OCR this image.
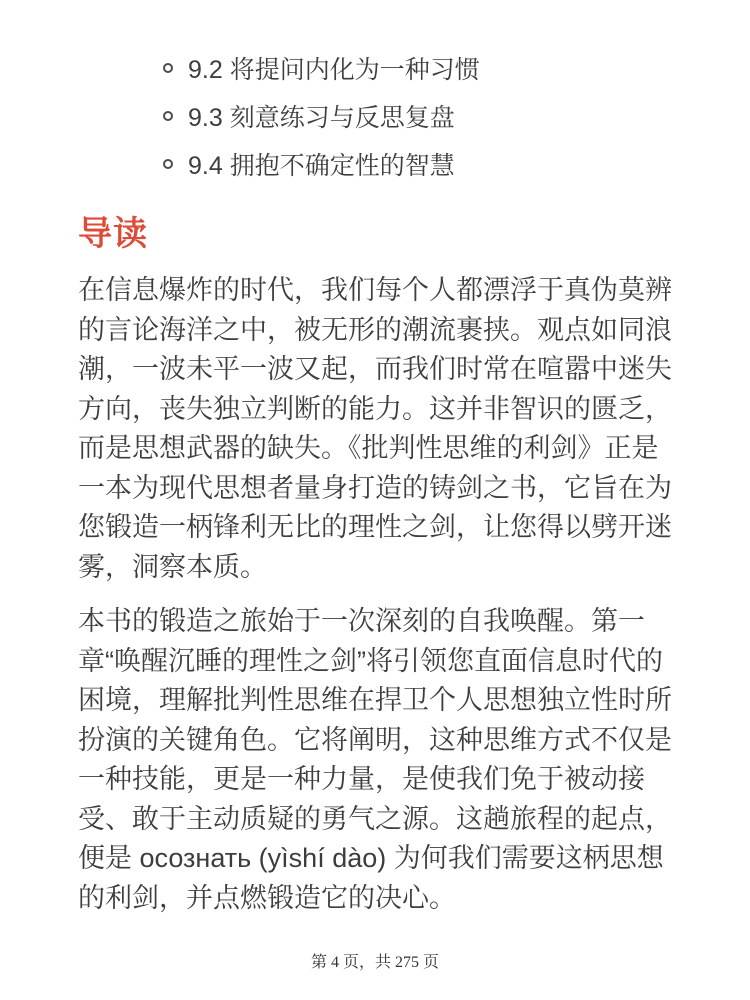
9.2 将提问内化为一种习惯
9.3 刻意练习与反思复盘
9.4 拥抱不确定性的智慧
导读

在信息爆炸的时代，我们每个人都漂浮于真伪莫辨的言论海洋之中，被无形的潮流裹挟。观点如同浪潮，一波未平一波又起，而我们时常在喧嚣中迷失方向，丧失独立判断的能力。这并非智识的匮乏，而是思想武器的缺失。《批判性思维的利剑》正是一本为现代思想者量身打造的铸剑之书，它旨在为您锻造一柄锋利无比的理性之剑，让您得以劈开迷雾，洞察本质。

本书的锻造之旅始于一次深刻的自我唤醒。第一章“唤醒沉睡的理性之剑”将引领您直面信息时代的困境，理解批判性思维在捍卫个人思想独立性时所扮演的关键角色。它将阐明，这种思维方式不仅是一种技能，更是一种力量，是使我们免于被动接受、敢于主动质疑的勇气之源。这趟旅程的起点，便是 осознать (yìshí dào) 为何我们需要这柄思想的利剑，并点燃锻造它的决心。

第 4 页，共 275 页
